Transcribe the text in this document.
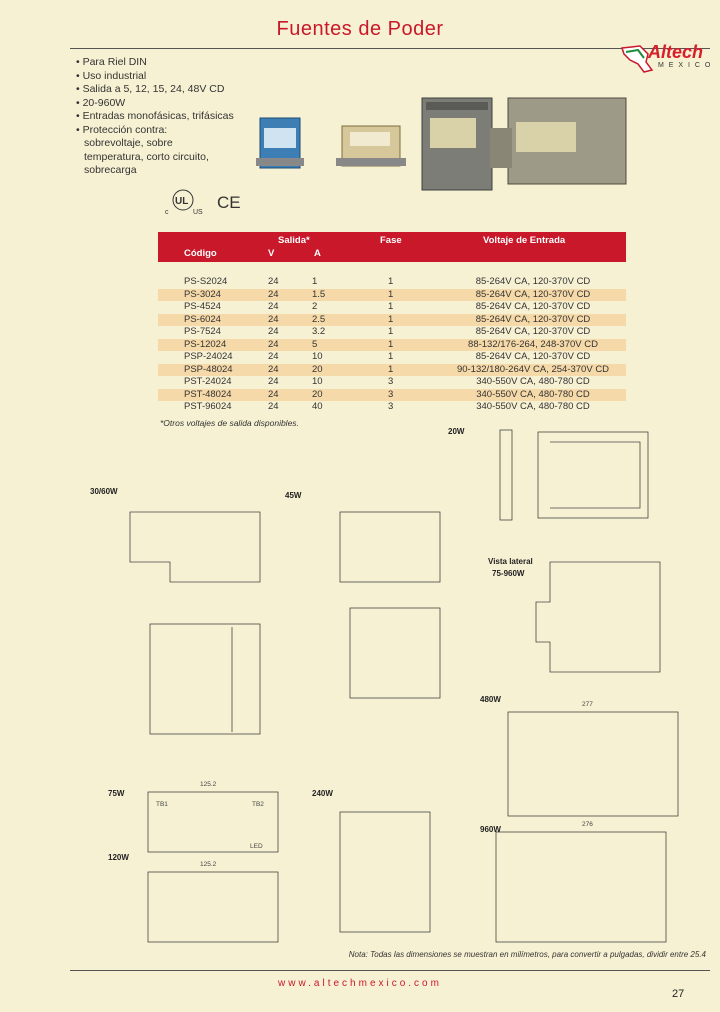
Fuentes de Poder
Altech
M E X I C O
• Para Riel DIN
• Uso industrial
• Salida a 5, 12, 15, 24, 48V CD
• 20-960W
• Entradas monofásicas, trifásicas
• Protección contra:
sobrevoltaje, sobre
temperatura, corto circuito,
sobrecarga
c
UL
US
CE
Salida*	Fase	Voltaje de Entrada
Código	V	A
PS-S2024	24	1	1	85-264V CA, 120-370V CD
PS-3024	24	1.5	1	85-264V CA, 120-370V CD
PS-4524	24	2	1	85-264V CA, 120-370V CD
PS-6024	24	2.5	1	85-264V CA, 120-370V CD
PS-7524	24	3.2	1	85-264V CA, 120-370V CD
PS-12024	24	5	1	88-132/176-264, 248-370V CD
PSP-24024	24	10	1	85-264V CA, 120-370V CD
PSP-48024	24	20	1	90-132/180-264V CA, 254-370V CD
PST-24024	24	10	3	340-550V CA, 480-780 CD
PST-48024	24	20	3	340-550V CA, 480-780 CD
PST-96024	24	40	3	340-550V CA, 480-780 CD
*Otros voltajes de salida disponibles.
20W
30/60W	45W
Vista lateral
75-960W
480W
75W
120W
240W
960W
125.2
125.2
277
276
TB1	TB2
LED
Nota: Todas las dimensiones se muestran en milímetros, para convertir a pulgadas, dividir entre 25.4
www.altechmexico.com
27
